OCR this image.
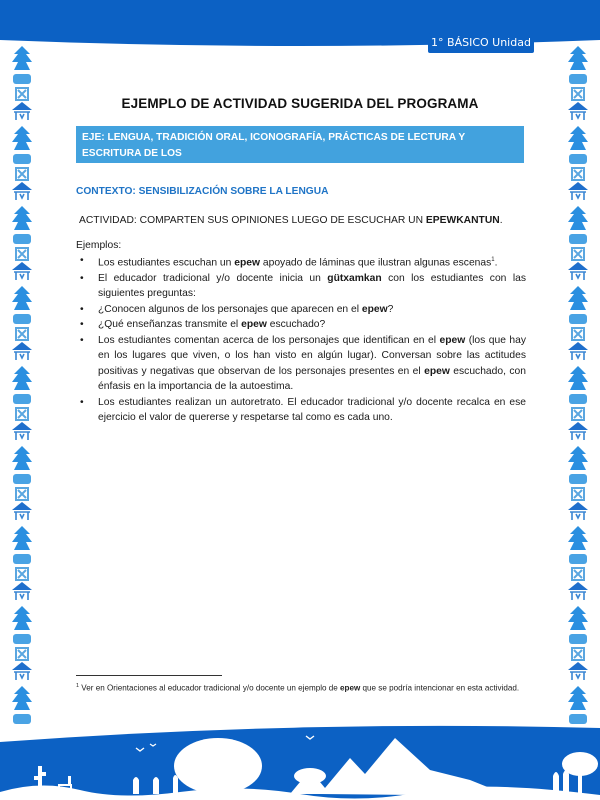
1° BÁSICO Unidad 1
EJEMPLO DE ACTIVIDAD SUGERIDA DEL PROGRAMA
EJE: LENGUA, TRADICIÓN ORAL, ICONOGRAFÍA, PRÁCTICAS DE LECTURA Y ESCRITURA DE LOS
PUEBLOS ORIGINARIOS
CONTEXTO: SENSIBILIZACIÓN SOBRE LA LENGUA
ACTIVIDAD: COMPARTEN SUS OPINIONES LUEGO DE ESCUCHAR UN EPEWKANTUN.
Ejemplos:
• Los estudiantes escuchan un epew apoyado de láminas que ilustran algunas escenas$^1$.
• El educador tradicional y/o docente inicia un gütxamkan con los estudiantes con las siguientes preguntas:
• ¿Conocen algunos de los personajes que aparecen en el epew?
• ¿Qué enseñanzas transmite el epew escuchado?
• Los estudiantes comentan acerca de los personajes que identifican en el epew (los que hay en los lugares que viven, o los han visto en algún lugar). Conversan sobre las actitudes positivas y negativas que observan de los personajes presentes en el epew escuchado, con énfasis en la importancia de la autoestima.
• Los estudiantes realizan un autoretrato. El educador tradicional y/o docente recalca en ese ejercicio el valor de quererse y respetarse tal como es cada uno.
$^1$ Ver en Orientaciones al educador tradicional y/o docente un ejemplo de epew que se podría intencionar en esta actividad.
